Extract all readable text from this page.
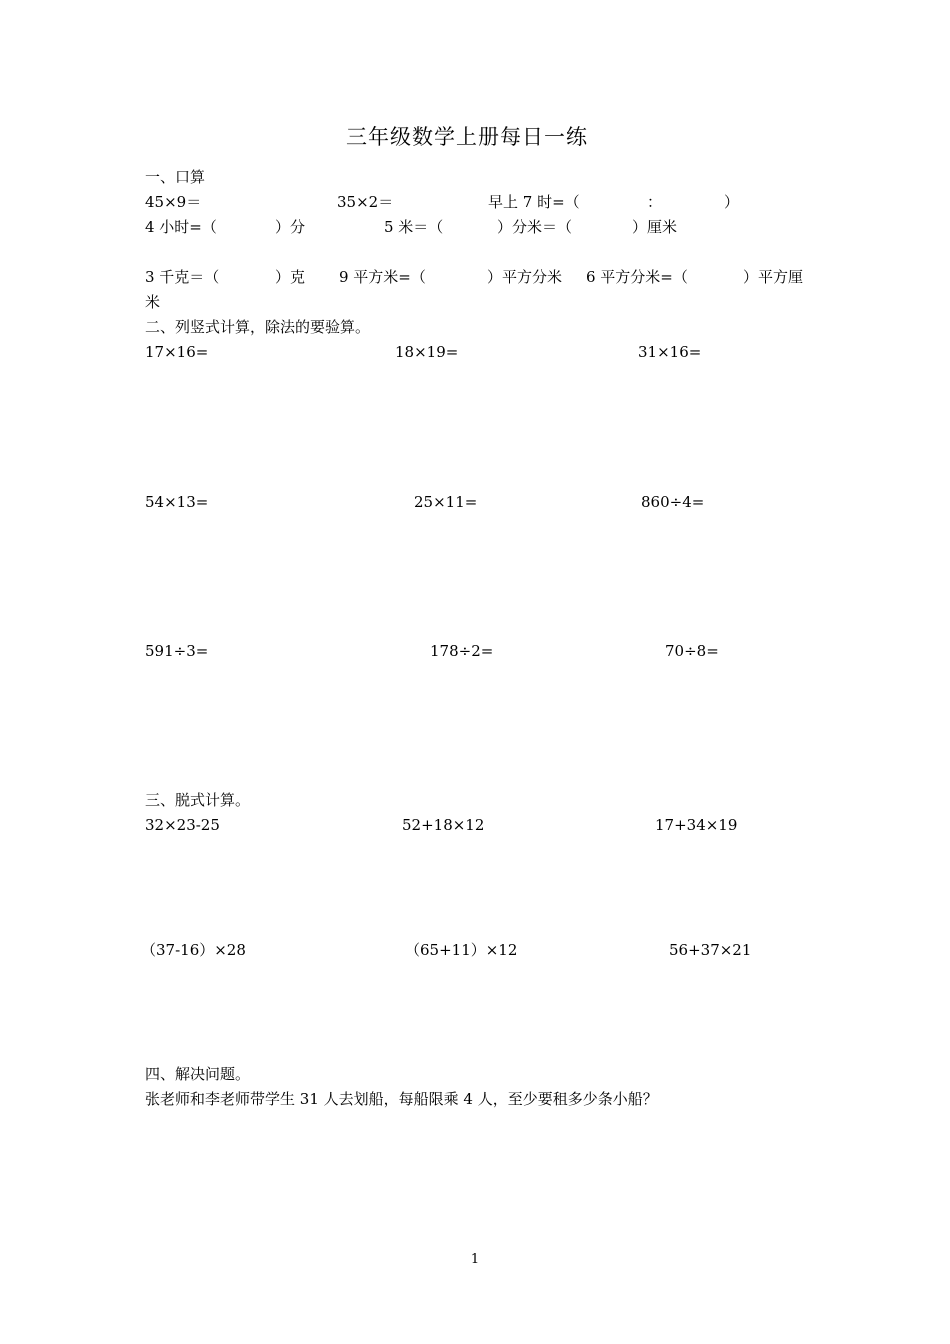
三年级数学上册每日一练
一、口算
45×9＝	35×2＝	早上 7 时=（	：	）
4 小时=（	）分	5 米＝（	）分米＝（	）厘米
3 千克＝（	）克 9 平方米=（	）平方分米 6 平方分米=（	）平方厘
米
二、列竖式计算，除法的要验算。
17×16=	18×19=	31×16=
54×13=	25×11=	860÷4=
591÷3=	178÷2=	70÷8=
三、脱式计算。
32×23-25	52+18×12	17+34×19
（37-16）×28	（65+11）×12	56+37×21
四、解决问题。
张老师和李老师带学生 31 人去划船，每船限乘 4 人，至少要租多少条小船？
1
